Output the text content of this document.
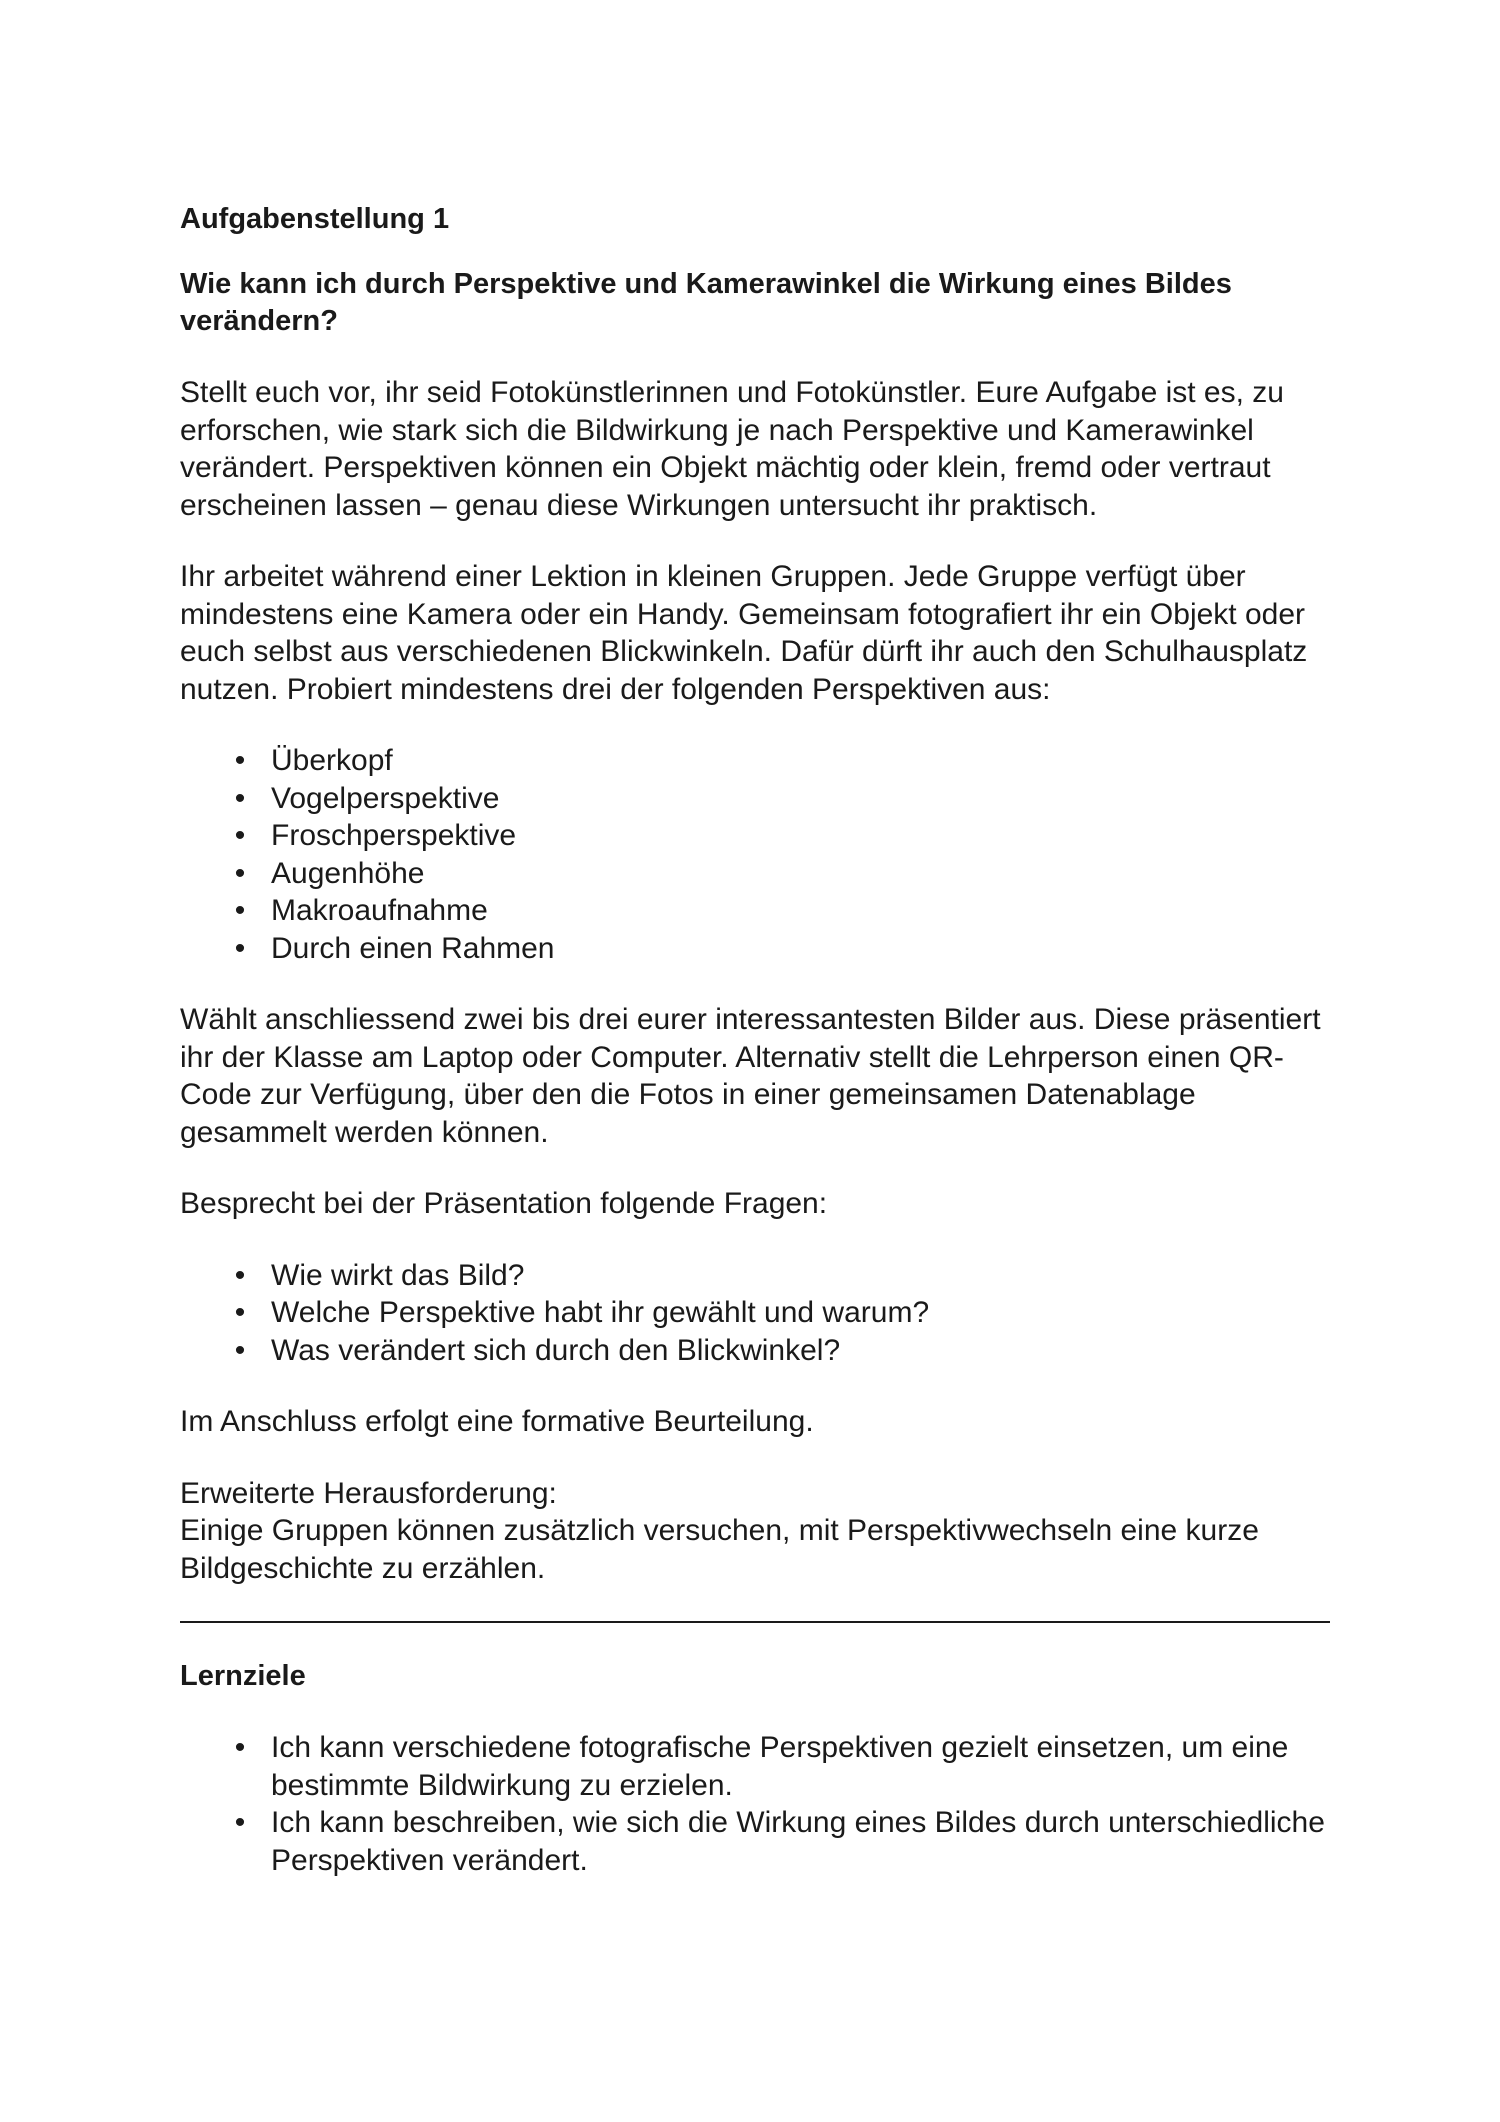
Aufgabenstellung 1
Wie kann ich durch Perspektive und Kamerawinkel die Wirkung eines Bildes verändern?

Stellt euch vor, ihr seid Fotokünstlerinnen und Fotokünstler. Eure Aufgabe ist es, zu erforschen, wie stark sich die Bildwirkung je nach Perspektive und Kamerawinkel verändert. Perspektiven können ein Objekt mächtig oder klein, fremd oder vertraut erscheinen lassen – genau diese Wirkungen untersucht ihr praktisch.

Ihr arbeitet während einer Lektion in kleinen Gruppen. Jede Gruppe verfügt über mindestens eine Kamera oder ein Handy. Gemeinsam fotografiert ihr ein Objekt oder euch selbst aus verschiedenen Blickwinkeln. Dafür dürft ihr auch den Schulhausplatz nutzen. Probiert mindestens drei der folgenden Perspektiven aus:

• Überkopf
• Vogelperspektive
• Froschperspektive
• Augenhöhe
• Makroaufnahme
• Durch einen Rahmen

Wählt anschliessend zwei bis drei eurer interessantesten Bilder aus. Diese präsentiert ihr der Klasse am Laptop oder Computer. Alternativ stellt die Lehrperson einen QR-Code zur Verfügung, über den die Fotos in einer gemeinsamen Datenablage gesammelt werden können.

Besprecht bei der Präsentation folgende Fragen:

• Wie wirkt das Bild?
• Welche Perspektive habt ihr gewählt und warum?
• Was verändert sich durch den Blickwinkel?

Im Anschluss erfolgt eine formative Beurteilung.

Erweiterte Herausforderung:

Einige Gruppen können zusätzlich versuchen, mit Perspektivwechseln eine kurze Bildgeschichte zu erzählen.

Lernziele
• Ich kann verschiedene fotografische Perspektiven gezielt einsetzen, um eine bestimmte Bildwirkung zu erzielen.
• Ich kann beschreiben, wie sich die Wirkung eines Bildes durch unterschiedliche Perspektiven verändert.
